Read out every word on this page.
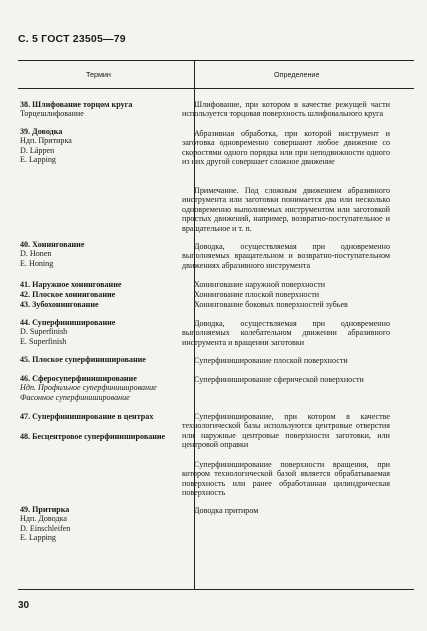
С. 5 ГОСТ 23505—79
Термин	Определение
38. Шлифование торцом круга
Торцешлифование
39. Доводка
Ндп. Притирка
D. Läppen
E. Lapping
40. Хонингование
D. Honen
E. Honing
41. Наружное хонингование
42. Плоское хонингование
43. Зубохонингование
44. Суперфиниширование
D. Superfinish
E. Superfinish
45. Плоское суперфиниширование
46. Сферосуперфиниширование
Ндп. Профильное суперфиниширование
Фасонное суперфиниширование
47. Суперфиниширование в центрах
48. Бесцентровое суперфиниширование
49. Притирка
Ндп. Доводка
D. Einschleifen
E. Lapping

Шлифование, при котором в качестве режущей части используется торцовая поверхность шлифовального круга

Абразивная обработка, при которой инструмент и заготовка одновременно совершают любое движение со скоростями одного порядка или при неподвижности одного из них другой совершает сложное движение

Примечание. Под сложным движением абразивного инструмента или заготовки понимается два или несколько одновременно выполняемых инструментом или заготовкой простых движений, например, возвратно-поступательное и вращательное и т. п.

Доводка, осуществляемая при одновременно выполняемых вращательном и возвратно-поступательном движениях абразивного инструмента

Хонингование наружной поверхности

Хонингование плоской поверхности

Хонингование боковых поверхностей зубьев

Доводка, осуществляемая при одновременно выполняемых колебательном движении абразивного инструмента и вращении заготовки

Суперфиниширование плоской поверхности

Суперфиниширование сферической поверхности

Суперфиниширование, при котором в качестве технологической базы используются центровые отверстия или наружные центровые поверхности заготовки, или центровой оправки

Суперфиниширование поверхности вращения, при котором технологической базой является обрабатываемая поверхность или ранее обработанная цилиндрическая поверхность

Доводка притиром

30
